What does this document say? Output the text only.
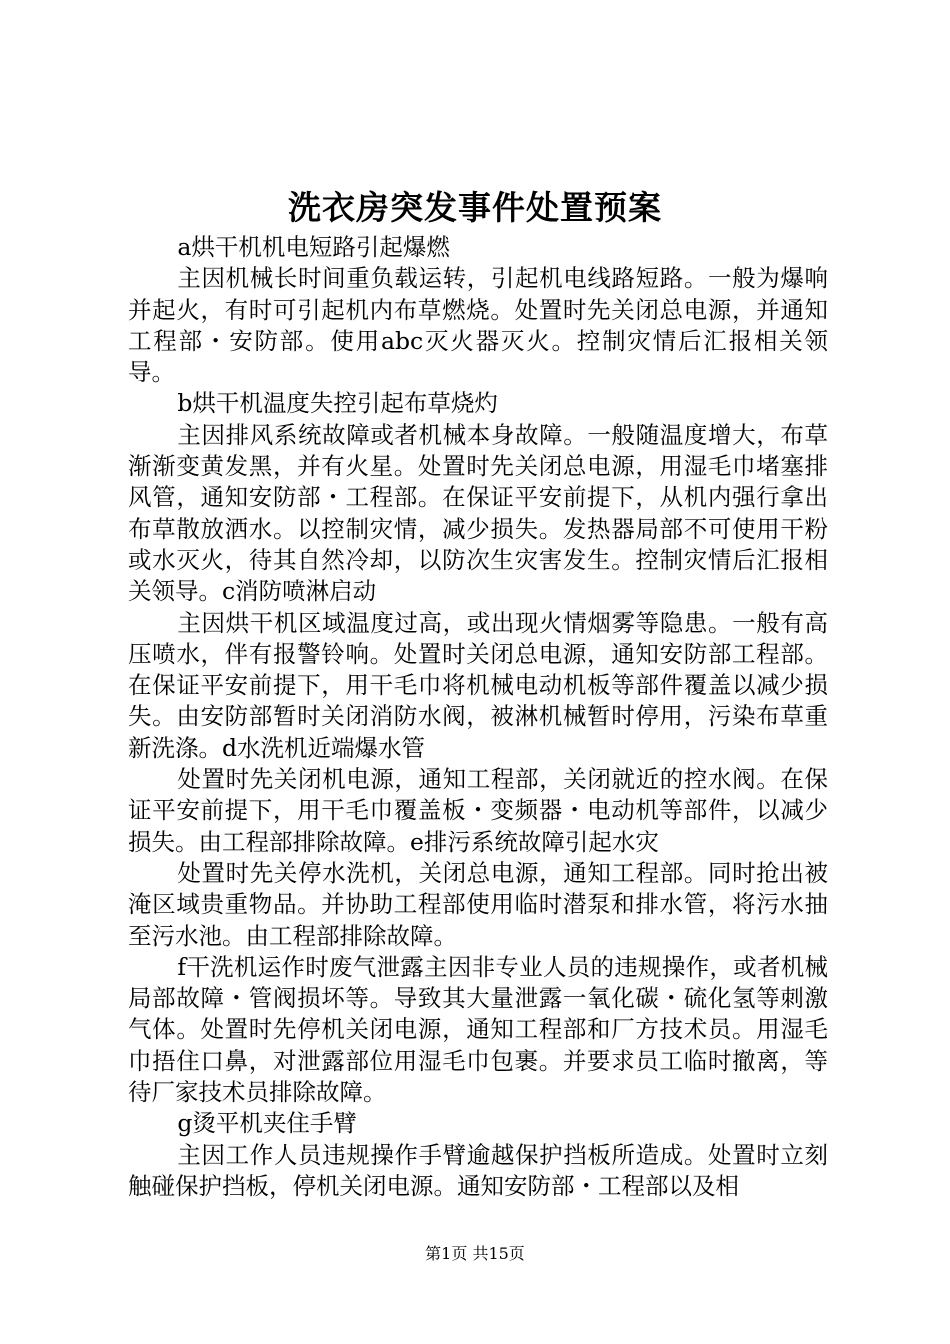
洗衣房突发事件处置预案

a烘干机机电短路引起爆燃

主因机械长时间重负载运转，引起机电线路短路。一般为爆响并起火，有时可引起机内布草燃烧。处置时先关闭总电源，并通知工程部・安防部。使用abc灭火器灭火。控制灾情后汇报相关领导。

b烘干机温度失控引起布草烧灼

主因排风系统故障或者机械本身故障。一般随温度增大，布草渐渐变黄发黑，并有火星。处置时先关闭总电源，用湿毛巾堵塞排风管，通知安防部・工程部。在保证平安前提下，从机内强行拿出布草散放洒水。以控制灾情，减少损失。发热器局部不可使用干粉或水灭火，待其自然冷却，以防次生灾害发生。控制灾情后汇报相关领导。c消防喷淋启动

主因烘干机区域温度过高，或出现火情烟雾等隐患。一般有高压喷水，伴有报警铃响。处置时关闭总电源，通知安防部工程部。在保证平安前提下，用干毛巾将机械电动机板等部件覆盖以减少损失。由安防部暂时关闭消防水阀，被淋机械暂时停用，污染布草重新洗涤。d水洗机近端爆水管

处置时先关闭机电源，通知工程部，关闭就近的控水阀。在保证平安前提下，用干毛巾覆盖板・变频器・电动机等部件，以减少损失。由工程部排除故障。e排污系统故障引起水灾

处置时先关停水洗机，关闭总电源，通知工程部。同时抢出被淹区域贵重物品。并协助工程部使用临时潜泵和排水管，将污水抽至污水池。由工程部排除故障。

f干洗机运作时废气泄露主因非专业人员的违规操作，或者机械局部故障・管阀损坏等。导致其大量泄露一氧化碳・硫化氢等刺激气体。处置时先停机关闭电源，通知工程部和厂方技术员。用湿毛巾捂住口鼻，对泄露部位用湿毛巾包裹。并要求员工临时撤离，等待厂家技术员排除故障。

g烫平机夹住手臂

主因工作人员违规操作手臂逾越保护挡板所造成。处置时立刻触碰保护挡板，停机关闭电源。通知安防部・工程部以及相

第1页 共15页
